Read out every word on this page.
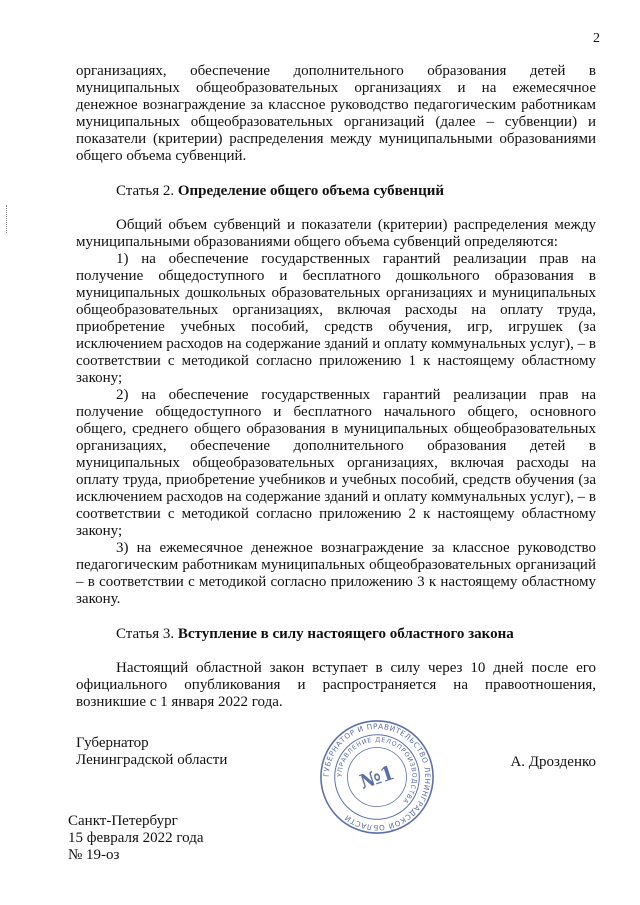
2

организациях, обеспечение дополнительного образования детей в муниципальных общеобразовательных организациях и на ежемесячное денежное вознаграждение за классное руководство педагогическим работникам муниципальных общеобразовательных организаций (далее – субвенции) и показатели (критерии) распределения между муниципальными образованиями общего объема субвенций.

Статья 2. Определение общего объема субвенций

Общий объем субвенций и показатели (критерии) распределения между муниципальными образованиями общего объема субвенций определяются:

1) на обеспечение государственных гарантий реализации прав на получение общедоступного и бесплатного дошкольного образования в муниципальных дошкольных образовательных организациях и муниципальных общеобразовательных организациях, включая расходы на оплату труда, приобретение учебных пособий, средств обучения, игр, игрушек (за исключением расходов на содержание зданий и оплату коммунальных услуг), – в соответствии с методикой согласно приложению 1 к настоящему областному закону;

2) на обеспечение государственных гарантий реализации прав на получение общедоступного и бесплатного начального общего, основного общего, среднего общего образования в муниципальных общеобразовательных организациях, обеспечение дополнительного образования детей в муниципальных общеобразовательных организациях, включая расходы на оплату труда, приобретение учебников и учебных пособий, средств обучения (за исключением расходов на содержание зданий и оплату коммунальных услуг), – в соответствии с методикой согласно приложению 2 к настоящему областному закону;

3) на ежемесячное денежное вознаграждение за классное руководство педагогическим работникам муниципальных общеобразовательных организаций – в соответствии с методикой согласно приложению 3 к настоящему областному закону.

Статья 3. Вступление в силу настоящего областного закона

Настоящий областной закон вступает в силу через 10 дней после его официального опубликования и распространяется на правоотношения, возникшие с 1 января 2022 года.

Губернатор
Ленинградской области
ГУБЕРНАТОР И ПРАВИТЕЛЬСТВО ЛЕНИНГРАДСКОЙ ОБЛАСТИ
УПРАВЛЕНИЕ ДЕЛОПРОИЗВОДСТВА
№1	А. Дрозденко
Санкт-Петербург
15 февраля 2022 года
№ 19-оз
